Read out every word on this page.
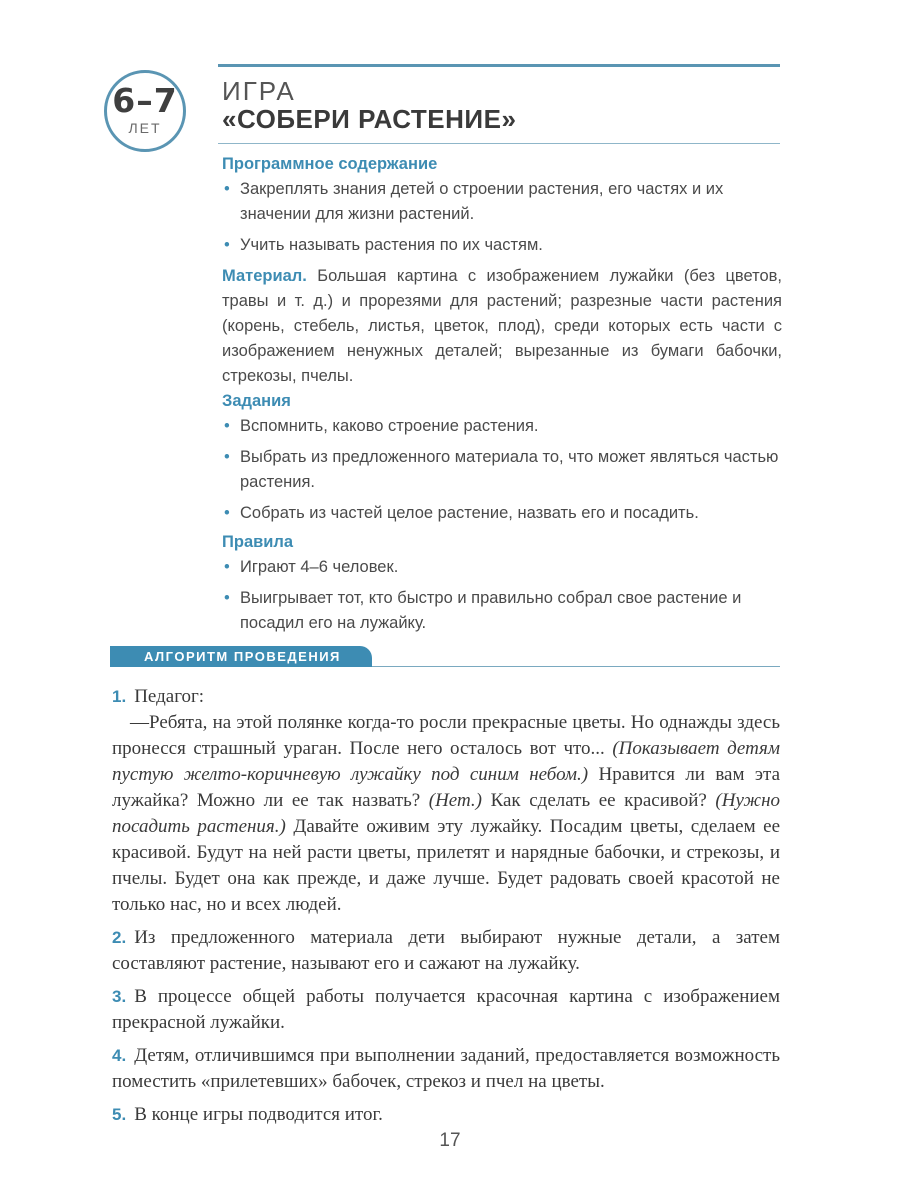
6–7
ЛЕТ
ИГРА
«СОБЕРИ РАСТЕНИЕ»
Программное содержание

• Закреплять знания детей о строении растения, его частях и их значении для жизни растений.

• Учить называть растения по их частям.

Материал. Большая картина с изображением лужайки (без цветов, травы и т. д.) и прорезями для растений; разрезные части растения (корень, стебель, листья, цветок, плод), среди которых есть части с изображением ненужных деталей; вырезанные из бумаги бабочки, стрекозы, пчелы.

Задания

• Вспомнить, каково строение растения.

• Выбрать из предложенного материала то, что может являться частью растения.

• Собрать из частей целое растение, назвать его и посадить.

Правила

• Играют 4–6 человек.

• Выигрывает тот, кто быстро и правильно собрал свое растение и посадил его на лужайку.

АЛГОРИТМ ПРОВЕДЕНИЯ
1. Педагог:

—Ребята, на этой полянке когда-то росли прекрасные цветы. Но однажды здесь пронесся страшный ураган. После него осталось вот что... (Показывает детям пустую желто-коричневую лужайку под синим небом.) Нравится ли вам эта лужайка? Можно ли ее так назвать? (Нет.) Как сделать ее красивой? (Нужно посадить растения.) Давайте оживим эту лужайку. Посадим цветы, сделаем ее красивой. Будут на ней расти цветы, прилетят и нарядные бабочки, и стрекозы, и пчелы. Будет она как прежде, и даже лучше. Будет радовать своей красотой не только нас, но и всех людей.

2. Из предложенного материала дети выбирают нужные детали, а затем составляют растение, называют его и сажают на лужайку.
3. В процессе общей работы получается красочная картина с изображением прекрасной лужайки.
4. Детям, отличившимся при выполнении заданий, предоставляется возможность поместить «прилетевших» бабочек, стрекоз и пчел на цветы.
5. В конце игры подводится итог.
17
